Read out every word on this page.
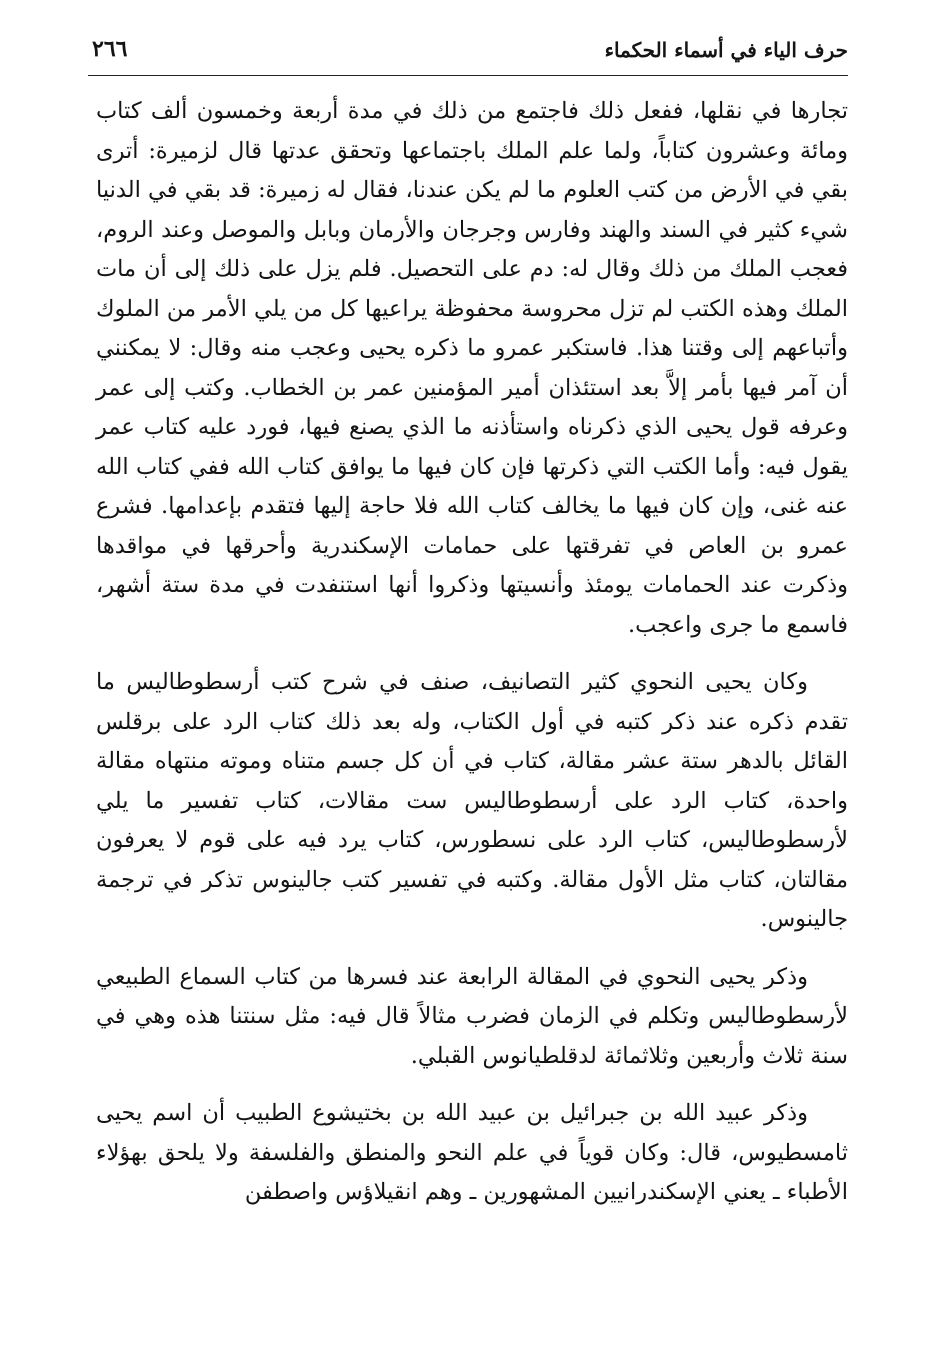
حرف الياء في أسماء الحكماء
٢٦٦

تجارها في نقلها، ففعل ذلك فاجتمع من ذلك في مدة أربعة وخمسون ألف كتاب ومائة وعشرون كتاباً، ولما علم الملك باجتماعها وتحقق عدتها قال لزميرة: أترى بقي في الأرض من كتب العلوم ما لم يكن عندنا، فقال له زميرة: قد بقي في الدنيا شيء كثير في السند والهند وفارس وجرجان والأرمان وبابل والموصل وعند الروم، فعجب الملك من ذلك وقال له: دم على التحصيل. فلم يزل على ذلك إلى أن مات الملك وهذه الكتب لم تزل محروسة محفوظة يراعيها كل من يلي الأمر من الملوك وأتباعهم إلى وقتنا هذا. فاستكبر عمرو ما ذكره يحيى وعجب منه وقال: لا يمكنني أن آمر فيها بأمر إلاَّ بعد استئذان أمير المؤمنين عمر بن الخطاب. وكتب إلى عمر وعرفه قول يحيى الذي ذكرناه واستأذنه ما الذي يصنع فيها، فورد عليه كتاب عمر يقول فيه: وأما الكتب التي ذكرتها فإن كان فيها ما يوافق كتاب الله ففي كتاب الله عنه غنى، وإن كان فيها ما يخالف كتاب الله فلا حاجة إليها فتقدم بإعدامها. فشرع عمرو بن العاص في تفرقتها على حمامات الإسكندرية وأحرقها في مواقدها وذكرت عند الحمامات يومئذ وأنسيتها وذكروا أنها استنفدت في مدة ستة أشهر، فاسمع ما جرى واعجب.

وكان يحيى النحوي كثير التصانيف، صنف في شرح كتب أرسطوطاليس ما تقدم ذكره عند ذكر كتبه في أول الكتاب، وله بعد ذلك كتاب الرد على برقلس القائل بالدهر ستة عشر مقالة، كتاب في أن كل جسم متناه وموته منتهاه مقالة واحدة، كتاب الرد على أرسطوطاليس ست مقالات، كتاب تفسير ما يلي لأرسطوطاليس، كتاب الرد على نسطورس، كتاب يرد فيه على قوم لا يعرفون مقالتان، كتاب مثل الأول مقالة. وكتبه في تفسير كتب جالينوس تذكر في ترجمة جالينوس.

وذكر يحيى النحوي في المقالة الرابعة عند فسرها من كتاب السماع الطبيعي لأرسطوطاليس وتكلم في الزمان فضرب مثالاً قال فيه: مثل سنتنا هذه وهي في سنة ثلاث وأربعين وثلاثمائة لدقلطيانوس القبلي.

وذكر عبيد الله بن جبرائيل بن عبيد الله بن بختيشوع الطبيب أن اسم يحيى ثامسطيوس، قال: وكان قوياً في علم النحو والمنطق والفلسفة ولا يلحق بهؤلاء الأطباء ـ يعني الإسكندرانيين المشهورين ـ وهم انقيلاؤس واصطفن
